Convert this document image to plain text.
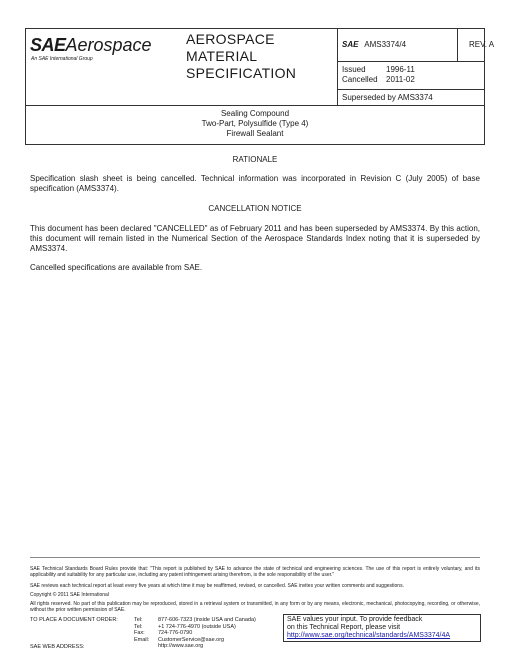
SAEAerospace
An SAE International Group
AEROSPACE
MATERIAL
SPECIFICATION
SAE AMS3374/4	REV. A
Issued	1996-11
Cancelled	2011-02
Superseded by AMS3374
Sealing Compound
Two-Part, Polysulfide (Type 4)
Firewall Sealant
RATIONALE
Specification slash sheet is being cancelled. Technical information was incorporated in Revision C (July 2005) of base specification (AMS3374).
CANCELLATION NOTICE
This document has been declared "CANCELLED" as of February 2011 and has been superseded by AMS3374. By this action, this document will remain listed in the Numerical Section of the Aerospace Standards Index noting that it is superseded by AMS3374.
Cancelled specifications are available from SAE.
SAE Technical Standards Board Rules provide that: "This report is published by SAE to advance the state of technical and engineering sciences. The use of this report is entirely voluntary, and its applicability and suitability for any particular use, including any patent infringement arising therefrom, is the sole responsibility of the user."
SAE reviews each technical report at least every five years at which time it may be reaffirmed, revised, or cancelled. SAE invites your written comments and suggestions.
Copyright © 2011 SAE International
All rights reserved. No part of this publication may be reproduced, stored in a retrieval system or transmitted, in any form or by any means, electronic, mechanical, photocopying, recording, or otherwise, without the prior written permission of SAE.
TO PLACE A DOCUMENT ORDER:	Tel:	877-606-7323 (inside USA and Canada)
Tel:	+1 724-776-4970 (outside USA)
Fax:	724-776-0790
Email:	CustomerService@sae.org
http://www.sae.org
SAE WEB ADDRESS:
SAE values your input. To provide feedback
on this Technical Report, please visit
http://www.sae.org/technical/standards/AMS3374/4A
